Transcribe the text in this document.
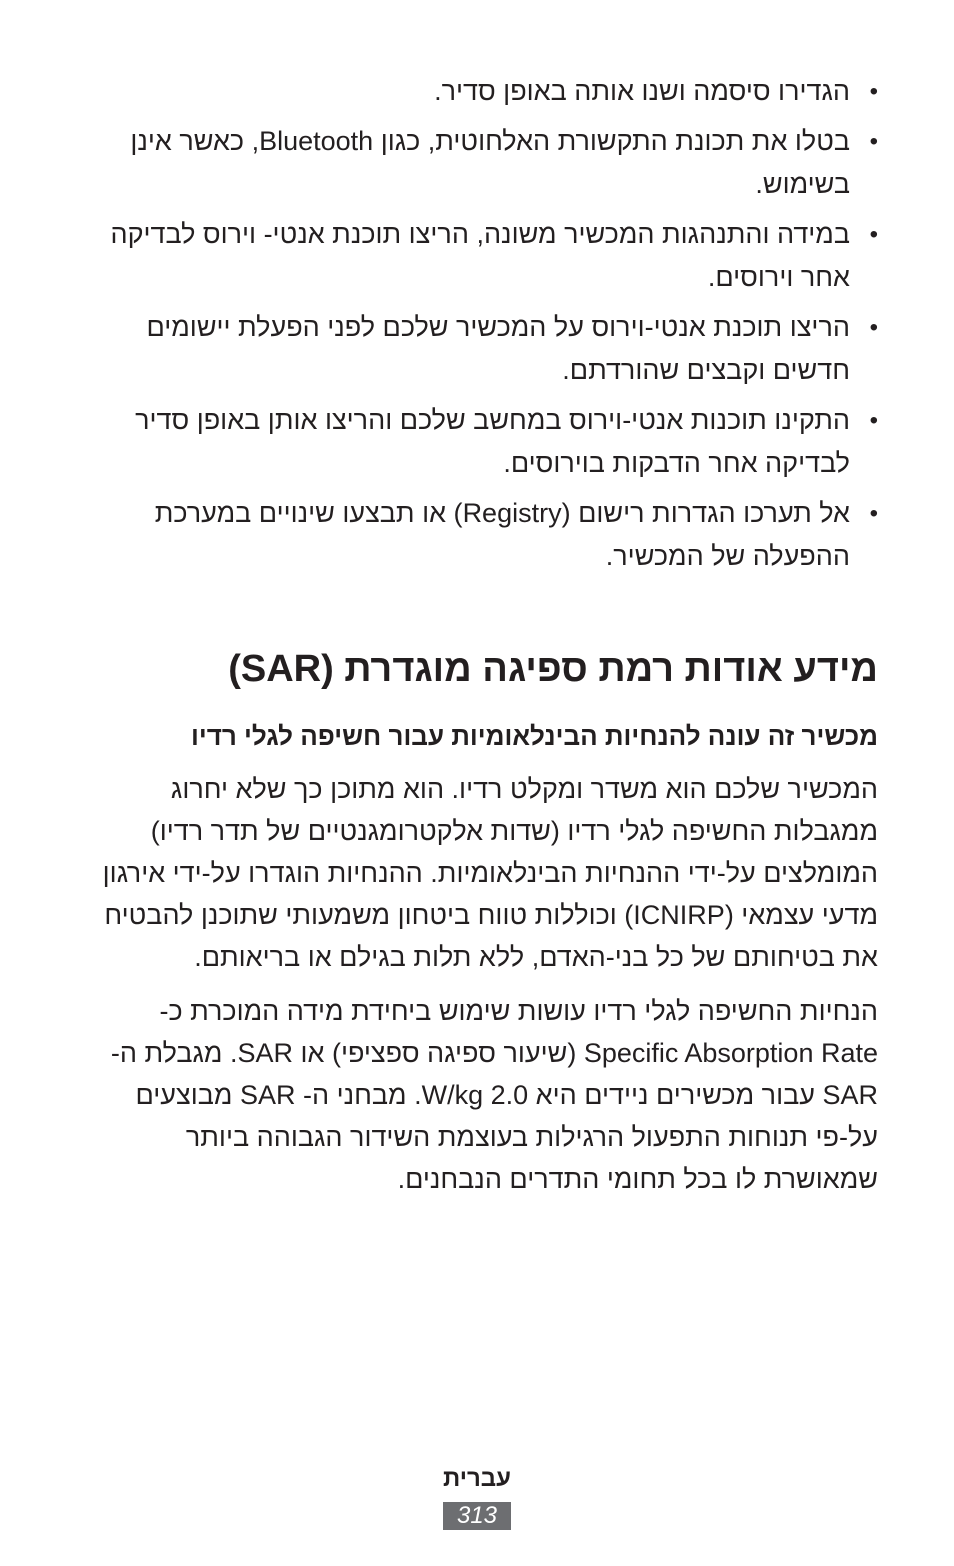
•
הגדירו סיסמה ושנו אותה באופן סדיר.
•
בטלו את תכונת התקשורת האלחוטית, כגון Bluetooth, כאשר אינן בשימוש.
•
במידה והתנהגות המכשיר משונה, הריצו תוכנת אנטי- וירוס לבדיקה אחר וירוסים.
•
הריצו תוכנת אנטי-וירוס על המכשיר שלכם לפני הפעלת יישומים חדשים וקבצים שהורדתם.
•
התקינו תוכנות אנטי-וירוס במחשב שלכם והריצו אותן באופן סדיר לבדיקה אחר הדבקות בוירוסים.
•
אל תערכו הגדרות רישום (Registry) או תבצעו שינויים במערכת ההפעלה של המכשיר.
מידע אודות רמת ספיגה מוגדרת (SAR)
מכשיר זה עונה להנחיות הבינלאומיות עבור חשיפה לגלי רדיו

המכשיר שלכם הוא משדר ומקלט רדיו. הוא מתוכן כך שלא יחרוג ממגבלות החשיפה לגלי רדיו (שדות אלקטרומגנטיים של תדר רדיו) המומלצים על-ידי ההנחיות הבינלאומיות. ההנחיות הוגדרו על-ידי אירגון מדעי עצמאי (ICNIRP) וכוללות טווח ביטחון משמעותי שתוכנן להבטיח את בטיחותם של כל בני-האדם, ללא תלות בגילם או בריאותם.

הנחיות החשיפה לגלי רדיו עושות שימוש ביחידת מידה המוכרת כ- Specific Absorption Rate (שיעור ספיגה ספציפי) או SAR. מגבלת ה- SAR עבור מכשירים ניידים היא 2.0 W/kg. מבחני ה- SAR מבוצעים על-פי תנוחות התפעול הרגילות בעוצמת השידור הגבוהה ביותר שמאושרת לו בכל תחומי התדרים הנבחנים.

עברית
313
